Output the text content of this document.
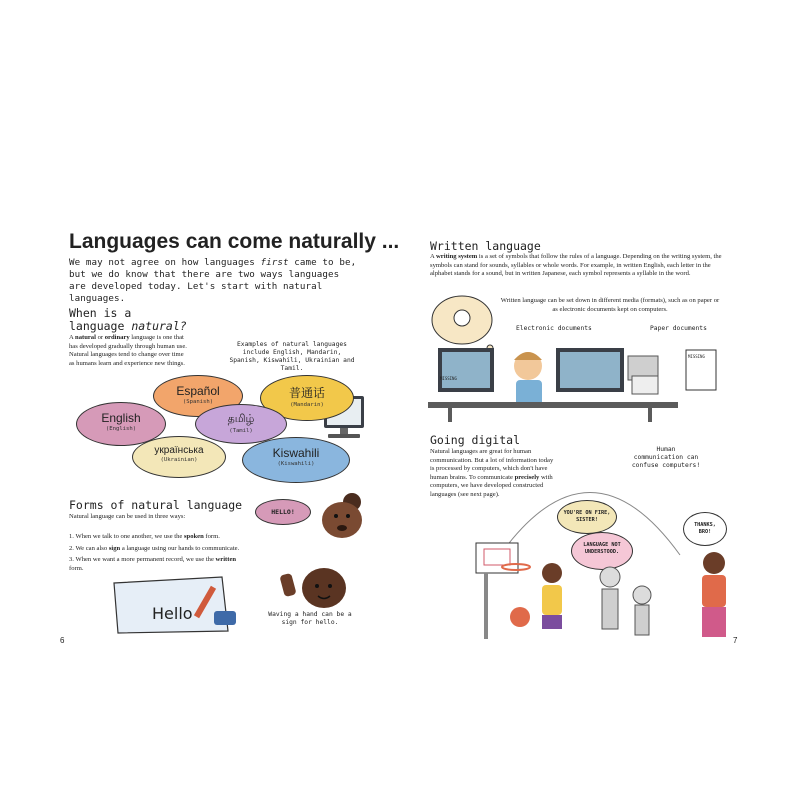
Languages can come naturally ...
We may not agree on how languages first came to be, but we do know that there are two ways languages are developed today. Let's start with natural languages.
When is a
language natural?
A natural or ordinary language is one that has developed gradually through human use. Natural languages tend to change over time as humans learn and experience new things.
Examples of natural languages include English, Mandarin, Spanish, Kiswahili, Ukrainian and Tamil.
Español
(Spanish)
普通话
(Mandarin)
English
(English)
தமிழ்
(Tamil)
українська
(Ukrainian)	Kiswahili
(Kiswahili)
Forms of natural language
Natural language can be used in three ways:
1. When we talk to one another, we use the spoken form.
2. We can also sign a language using our hands to communicate.
3. When we want a more permanent record, we use the written form.
HELLO!
Hello	Waving a hand can be a sign for hello.
6
Written language
A writing system is a set of symbols that follow the rules of a language. Depending on the writing system, the symbols can stand for sounds, syllables or whole words. For example, in written English, each letter in the alphabet stands for a sound, but in written Japanese, each symbol represents a syllable in the word.
Written language can be set down in different media (formats), such as on paper or as electronic documents kept on computers.
Electronic documents	Paper documents
MISSING
MISSING
Going digital
Natural languages are great for human communication. But a lot of information today is processed by computers, which don't have human brains. To communicate precisely with computers, we have developed constructed languages (see next page).
Human communication can confuse computers!
YOU'RE ON FIRE, SISTER!
LANGUAGE NOT UNDERSTOOD.
THANKS, BRO!
7
